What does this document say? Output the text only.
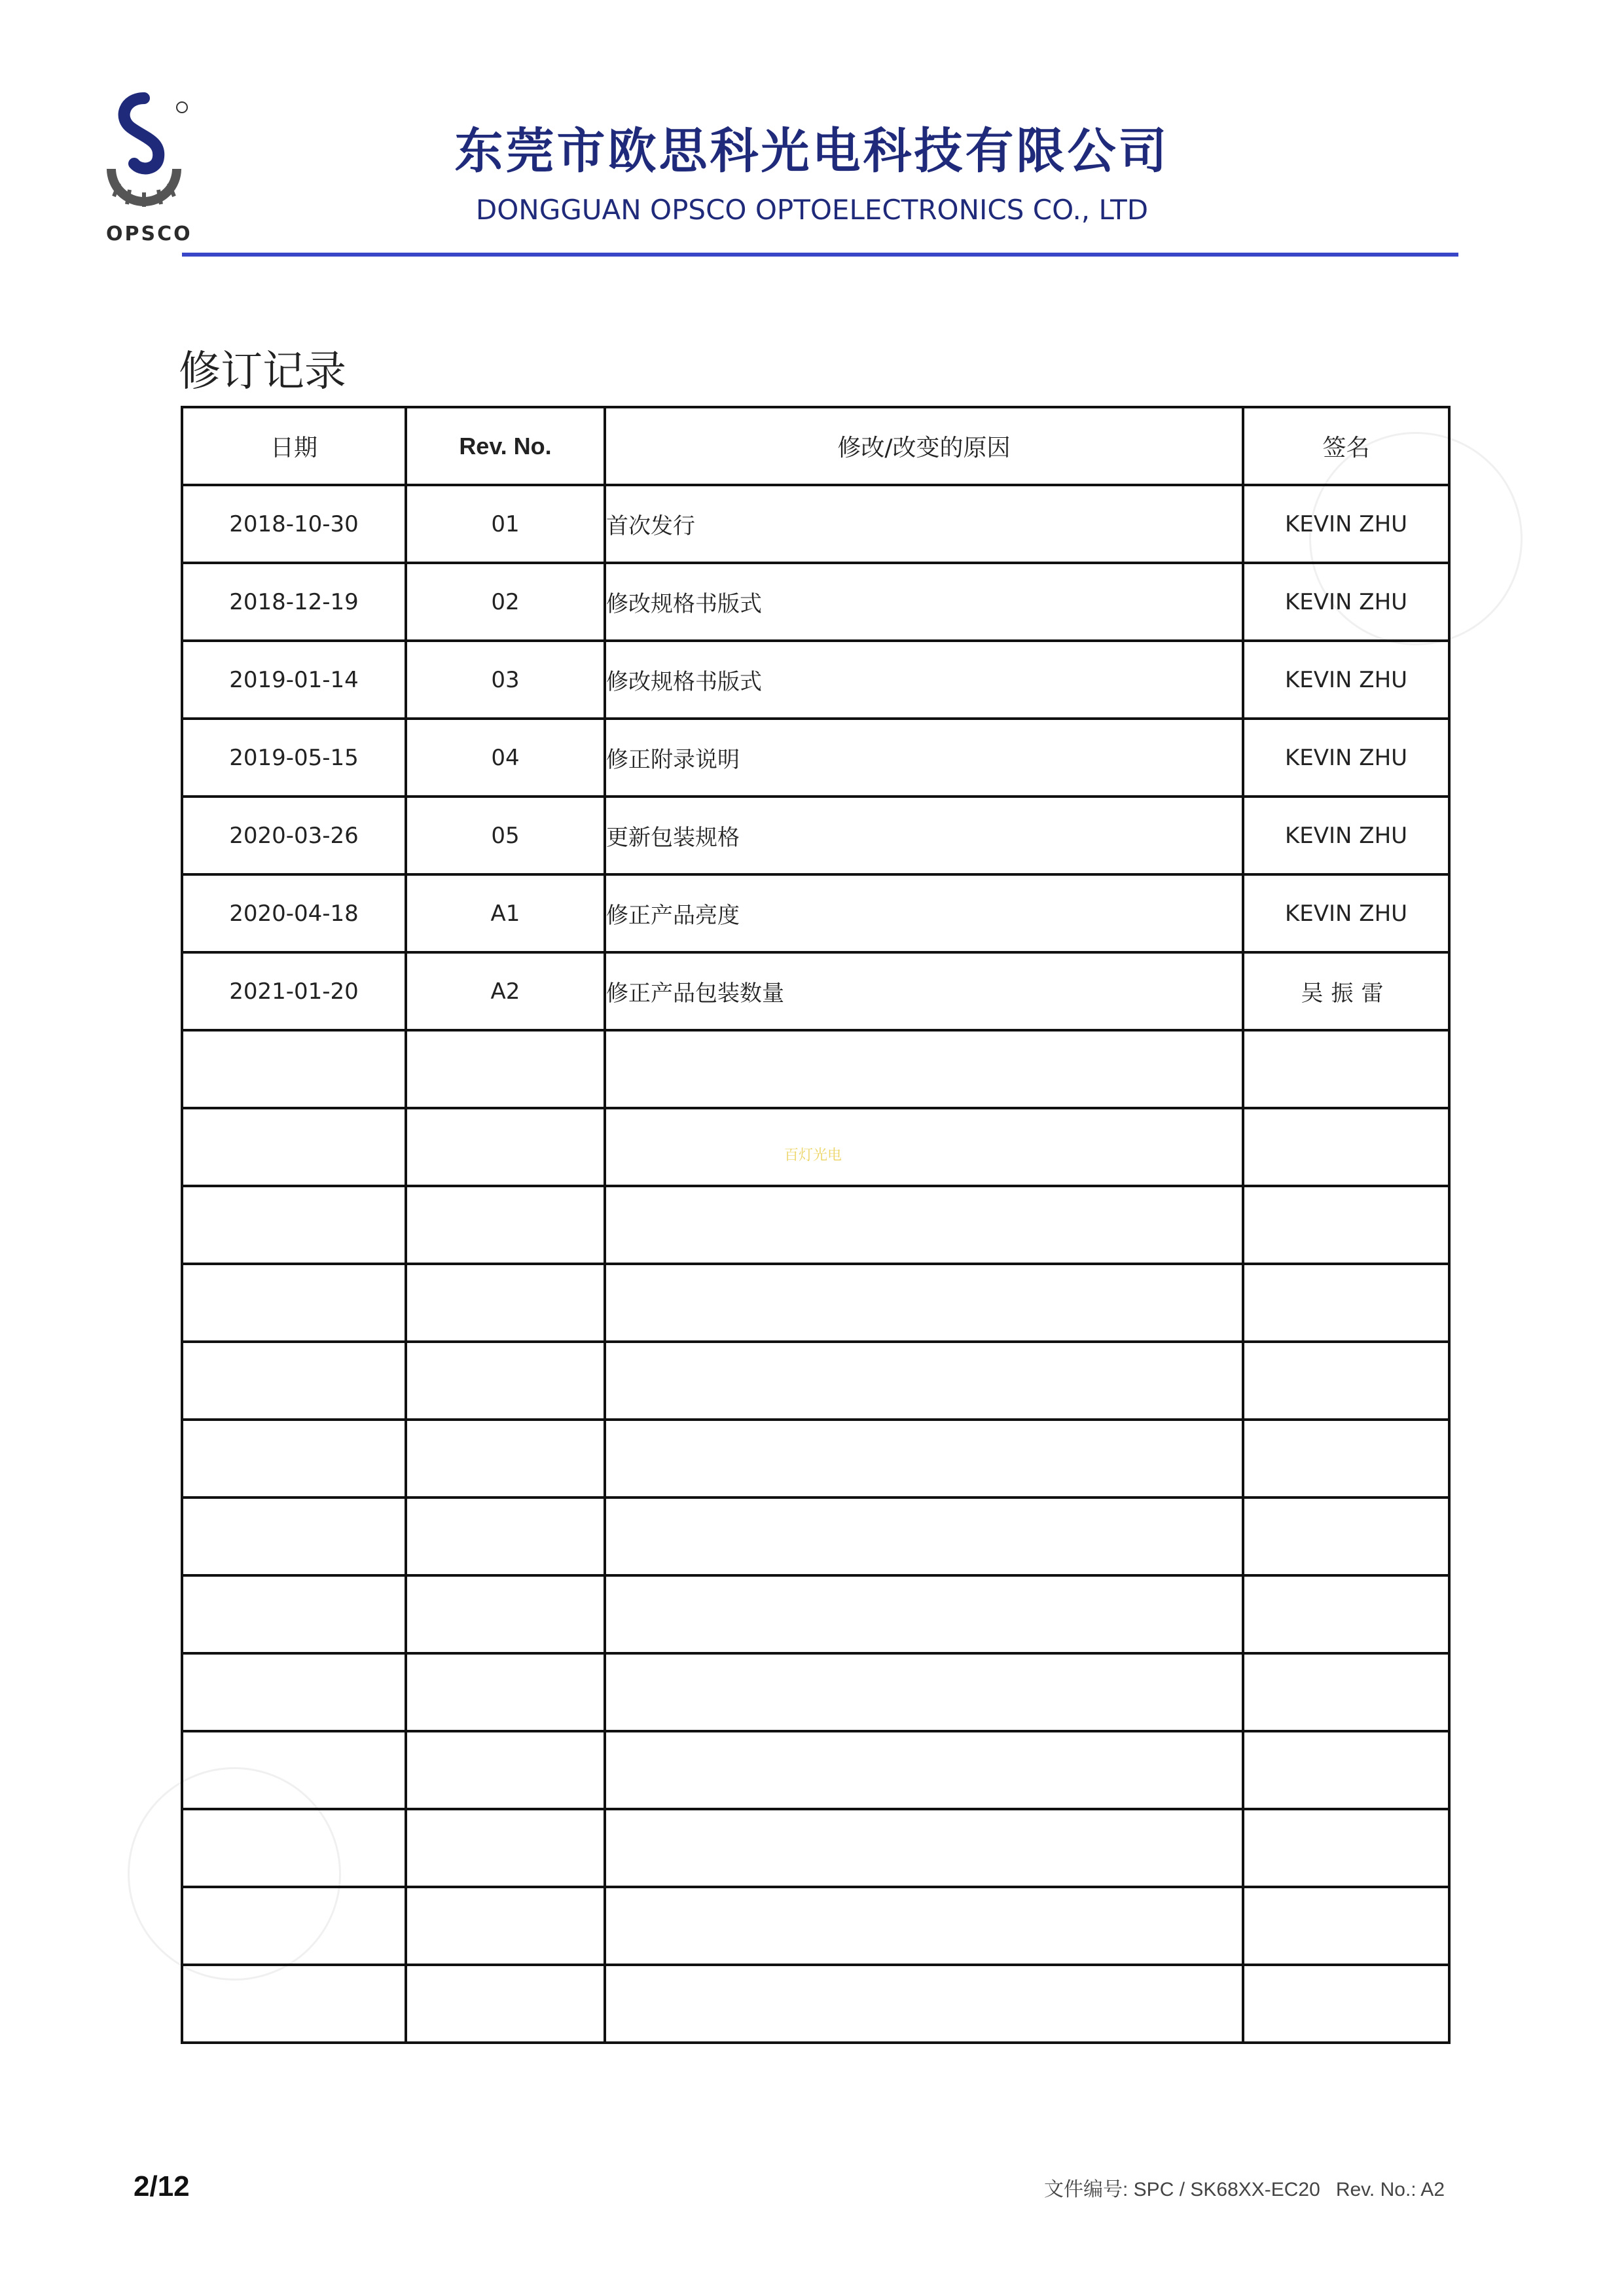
OPSCO
东莞市欧思科光电科技有限公司
DONGGUAN OPSCO OPTOELECTRONICS CO., LTD
修订记录
日期	Rev. No.	修改/改变的原因	签名
2018-10-30	01	首次发行	KEVIN ZHU
2018-12-19	02	修改规格书版式	KEVIN ZHU
2019-01-14	03	修改规格书版式	KEVIN ZHU
2019-05-15	04	修正附录说明	KEVIN ZHU
2020-03-26	05	更新包装规格	KEVIN ZHU
2020-04-18	A1	修正产品亮度	KEVIN ZHU
2021-01-20	A2	修正产品包装数量	吴振雷

百灯光电
2/12	文件编号: SPC / SK68XX-EC20 Rev. No.: A2
